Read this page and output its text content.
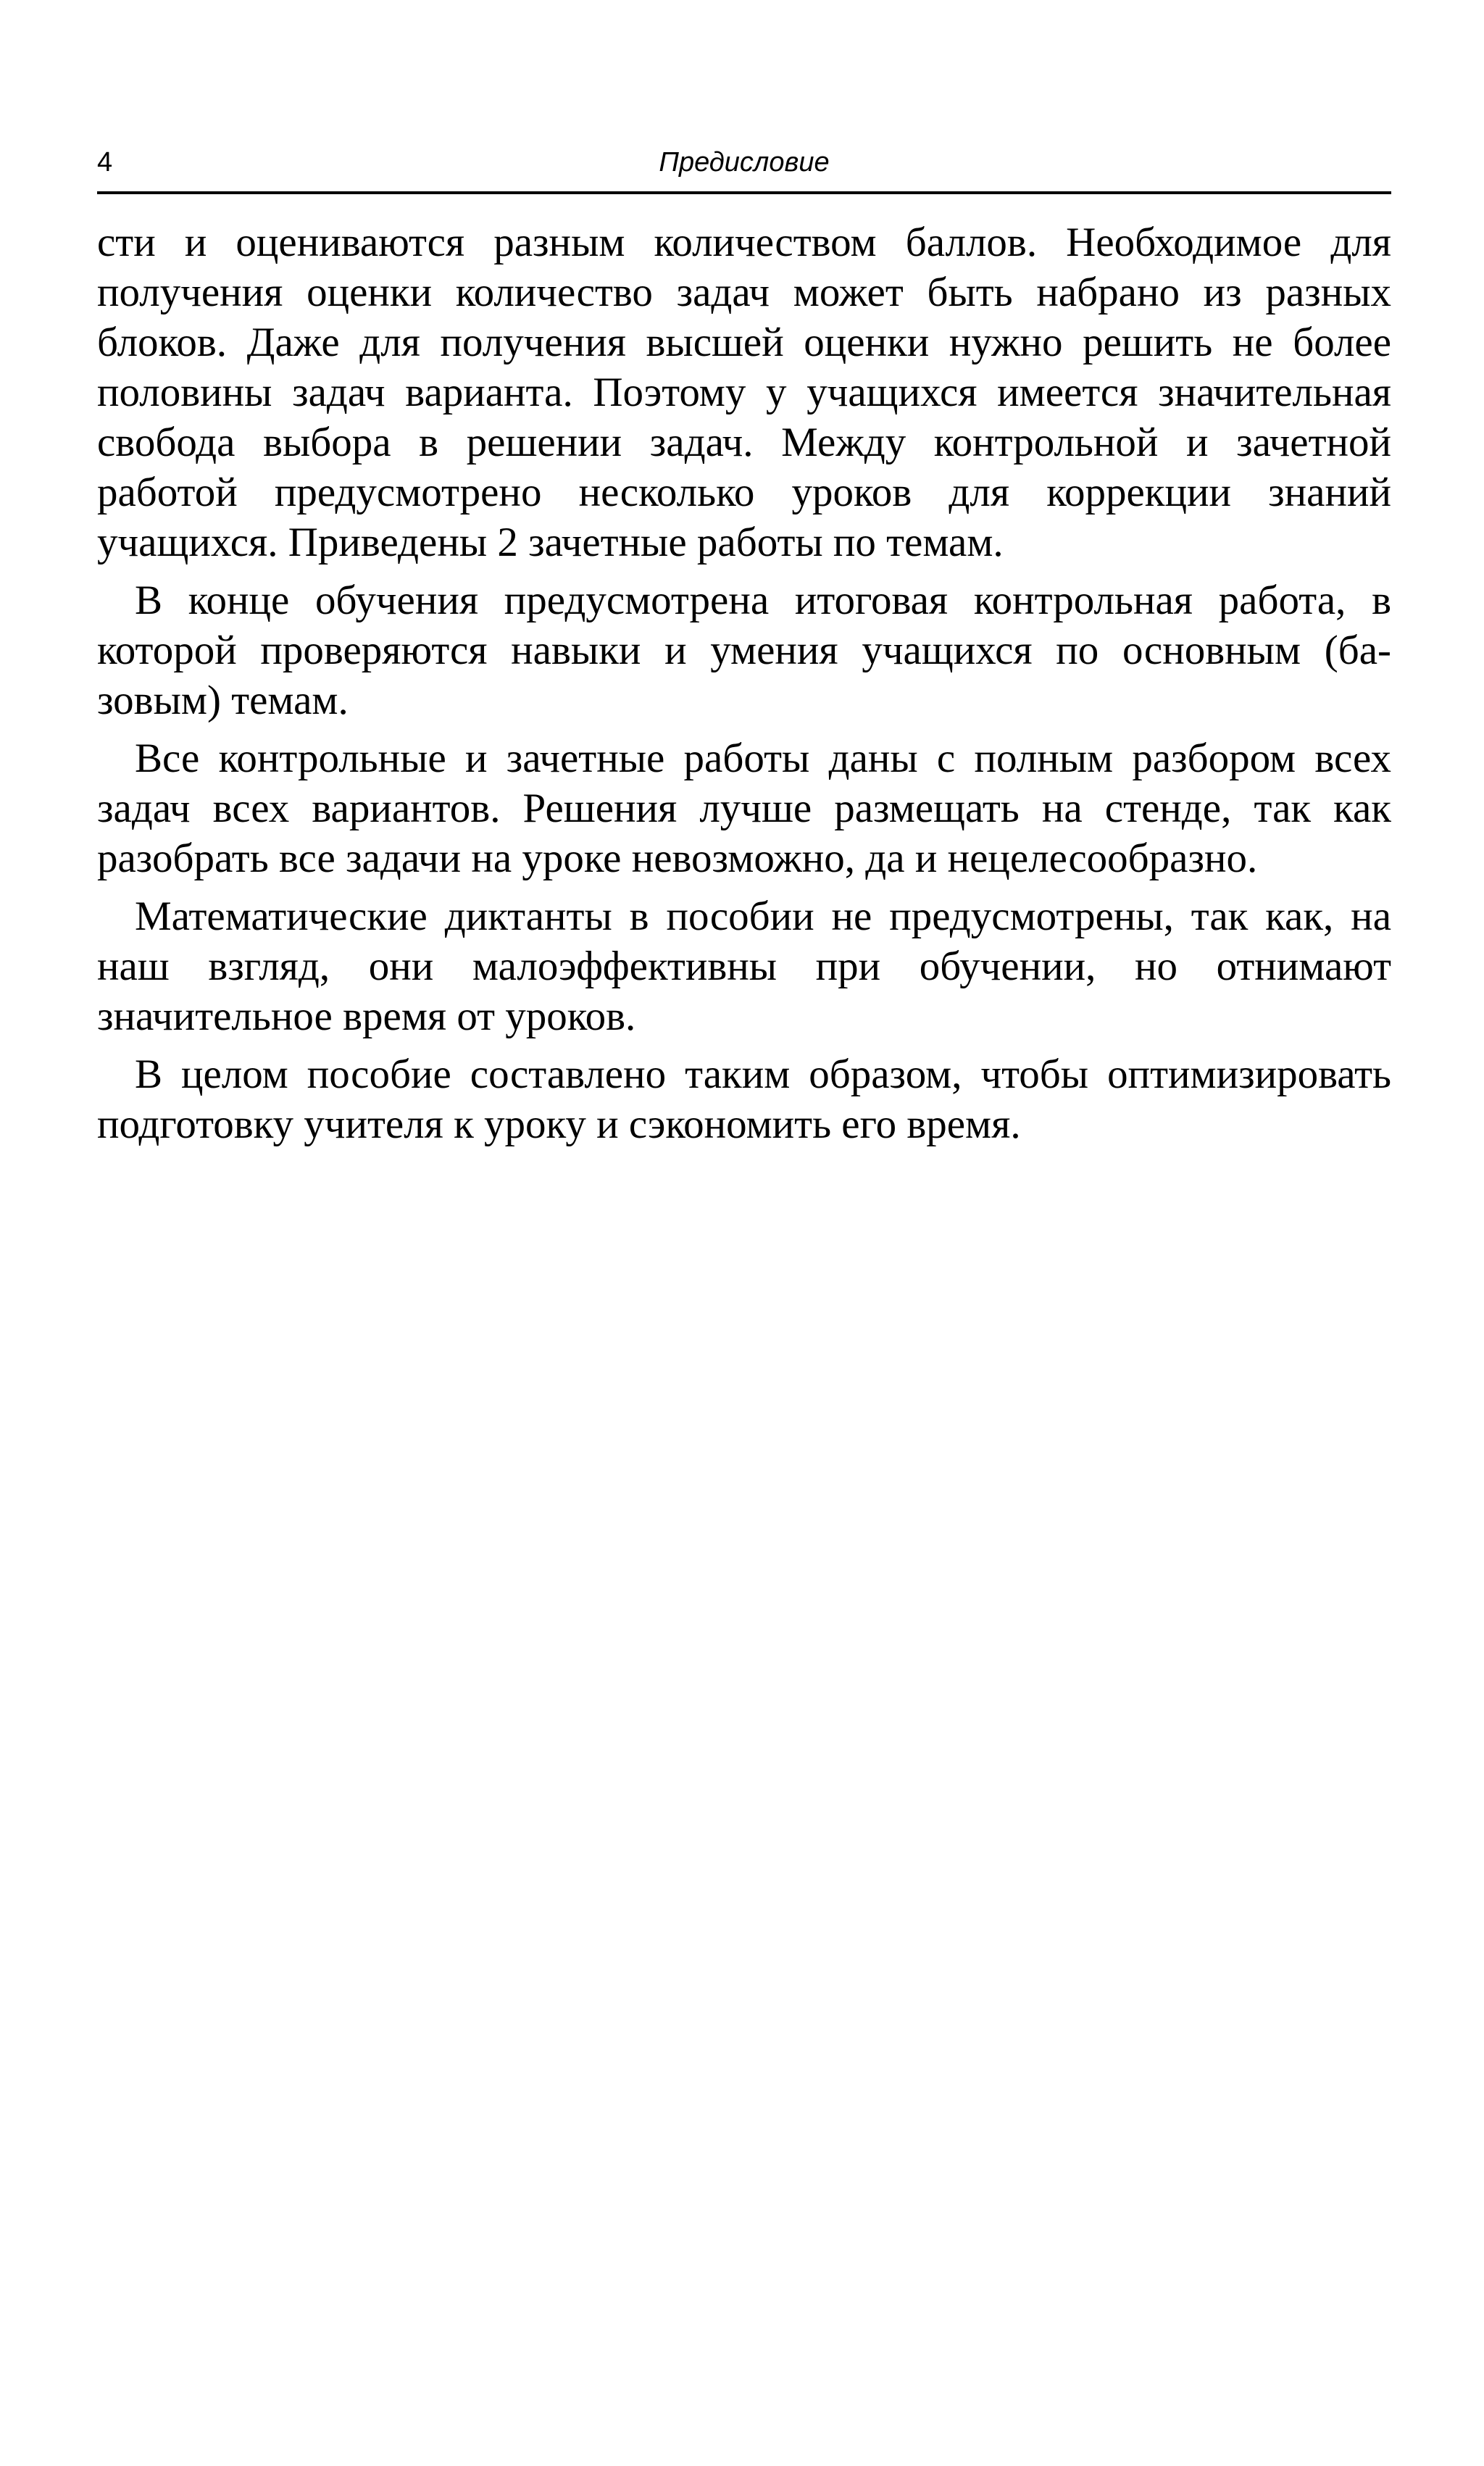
4	Предисловие

сти и оцениваются разным количеством баллов. Необходимое для получения оценки количество задач может быть набрано из разных блоков. Даже для получения высшей оценки нужно решить не более половины задач варианта. Поэтому у учащихся имеется значительная свобода выбора в решении задач. Между контрольной и зачетной работой предусмотрено несколько уроков для коррекции знаний учащихся. Приведены 2 зачетные работы по темам.

В конце обучения предусмотрена итоговая контрольная работа, в которой проверяются навыки и умения учащихся по основным (базовым) темам.

Все контрольные и зачетные работы даны с полным разбором всех задач всех вариантов. Решения лучше размещать на стенде, так как разобрать все задачи на уроке невозможно, да и нецелесообразно.

Математические диктанты в пособии не предусмотрены, так как, на наш взгляд, они малоэффективны при обучении, но отнимают значительное время от уроков.

В целом пособие составлено таким образом, чтобы оптимизировать подготовку учителя к уроку и сэкономить его время.
